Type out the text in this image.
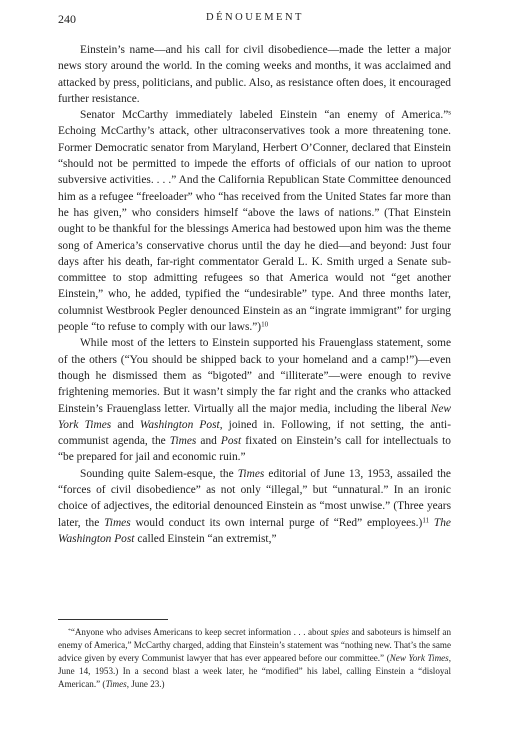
240	DÉNOUEMENT

Einstein’s name—and his call for civil disobedience—made the letter a major news story around the world. In the coming weeks and months, it was acclaimed and attacked by press, politicians, and public. Also, as resistance often does, it encouraged further resistance.

Senator McCarthy immediately labeled Einstein “an enemy of America.”$^s$ Echoing McCarthy’s attack, other ultraconservatives took a more threatening tone. Former Democratic senator from Maryland, Herbert O’Conner, declared that Einstein “should not be permitted to impede the efforts of officials of our nation to uproot subversive activities. . . .” And the California Republican State Committee denounced him as a refugee “freeloader” who “has received from the United States far more than he has given,” who considers himself “above the laws of nations.” (That Einstein ought to be thankful for the blessings America had bestowed upon him was the theme song of America’s conservative chorus until the day he died—and beyond: Just four days after his death, far-right commentator Gerald L. K. Smith urged a Senate sub-committee to stop admitting refugees so that America would not “get another Einstein,” who, he added, typified the “undesirable” type. And three months later, columnist Westbrook Pegler denounced Einstein as an “ingrate immigrant” for urging people “to refuse to comply with our laws.”)$^{10}$

While most of the letters to Einstein supported his Frauenglass statement, some of the others (“You should be shipped back to your homeland and a camp!”)—even though he dismissed them as “bigoted” and “illiterate”—were enough to revive frightening memories. But it wasn’t simply the far right and the cranks who attacked Einstein’s Frauenglass letter. Virtually all the major media, including the liberal New York Times and Washington Post, joined in. Following, if not setting, the anti-communist agenda, the Times and Post fixated on Einstein’s call for intellectuals to “be prepared for jail and economic ruin.”

Sounding quite Salem-esque, the Times editorial of June 13, 1953, assailed the “forces of civil disobedience” as not only “illegal,” but “unnatural.” In an ironic choice of adjectives, the editorial denounced Einstein as “most unwise.” (Three years later, the Times would conduct its own internal purge of “Red” employees.)$^{11}$ The Washington Post called Einstein “an extremist,”

*“Anyone who advises Americans to keep secret information . . . about spies and saboteurs is himself an enemy of America,” McCarthy charged, adding that Einstein’s statement was “nothing new. That’s the same advice given by every Communist lawyer that has ever appeared before our committee.” (New York Times, June 14, 1953.) In a second blast a week later, he “modified” his label, calling Einstein a “disloyal American.” (Times, June 23.)
